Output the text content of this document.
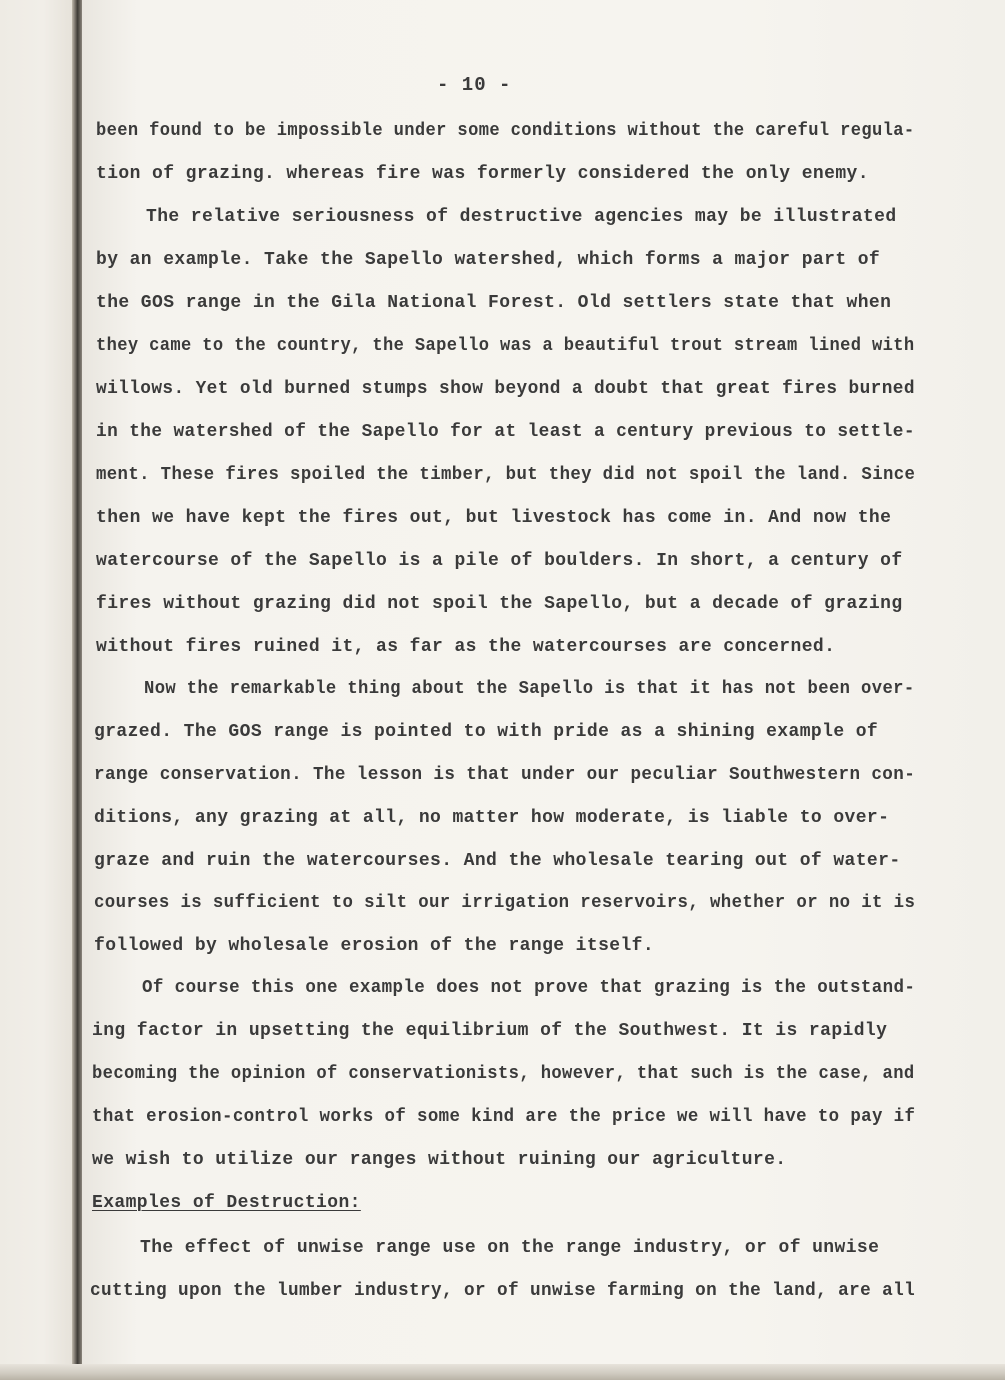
- 10 -
been found to be impossible under some conditions without the careful regula-
tion of grazing. whereas fire was formerly considered the only enemy.
The relative seriousness of destructive agencies may be illustrated
by an example. Take the Sapello watershed, which forms a major part of
the GOS range in the Gila National Forest. Old settlers state that when
they came to the country, the Sapello was a beautiful trout stream lined with
willows. Yet old burned stumps show beyond a doubt that great fires burned
in the watershed of the Sapello for at least a century previous to settle-
ment. These fires spoiled the timber, but they did not spoil the land. Since
then we have kept the fires out, but livestock has come in. And now the
watercourse of the Sapello is a pile of boulders. In short, a century of
fires without grazing did not spoil the Sapello, but a decade of grazing
without fires ruined it, as far as the watercourses are concerned.
Now the remarkable thing about the Sapello is that it has not been over-
grazed. The GOS range is pointed to with pride as a shining example of
range conservation. The lesson is that under our peculiar Southwestern con-
ditions, any grazing at all, no matter how moderate, is liable to over-
graze and ruin the watercourses. And the wholesale tearing out of water-
courses is sufficient to silt our irrigation reservoirs, whether or no it is
followed by wholesale erosion of the range itself.
Of course this one example does not prove that grazing is the outstand-
ing factor in upsetting the equilibrium of the Southwest. It is rapidly
becoming the opinion of conservationists, however, that such is the case, and
that erosion-control works of some kind are the price we will have to pay if
we wish to utilize our ranges without ruining our agriculture.
Examples of Destruction:
The effect of unwise range use on the range industry, or of unwise
cutting upon the lumber industry, or of unwise farming on the land, are all
